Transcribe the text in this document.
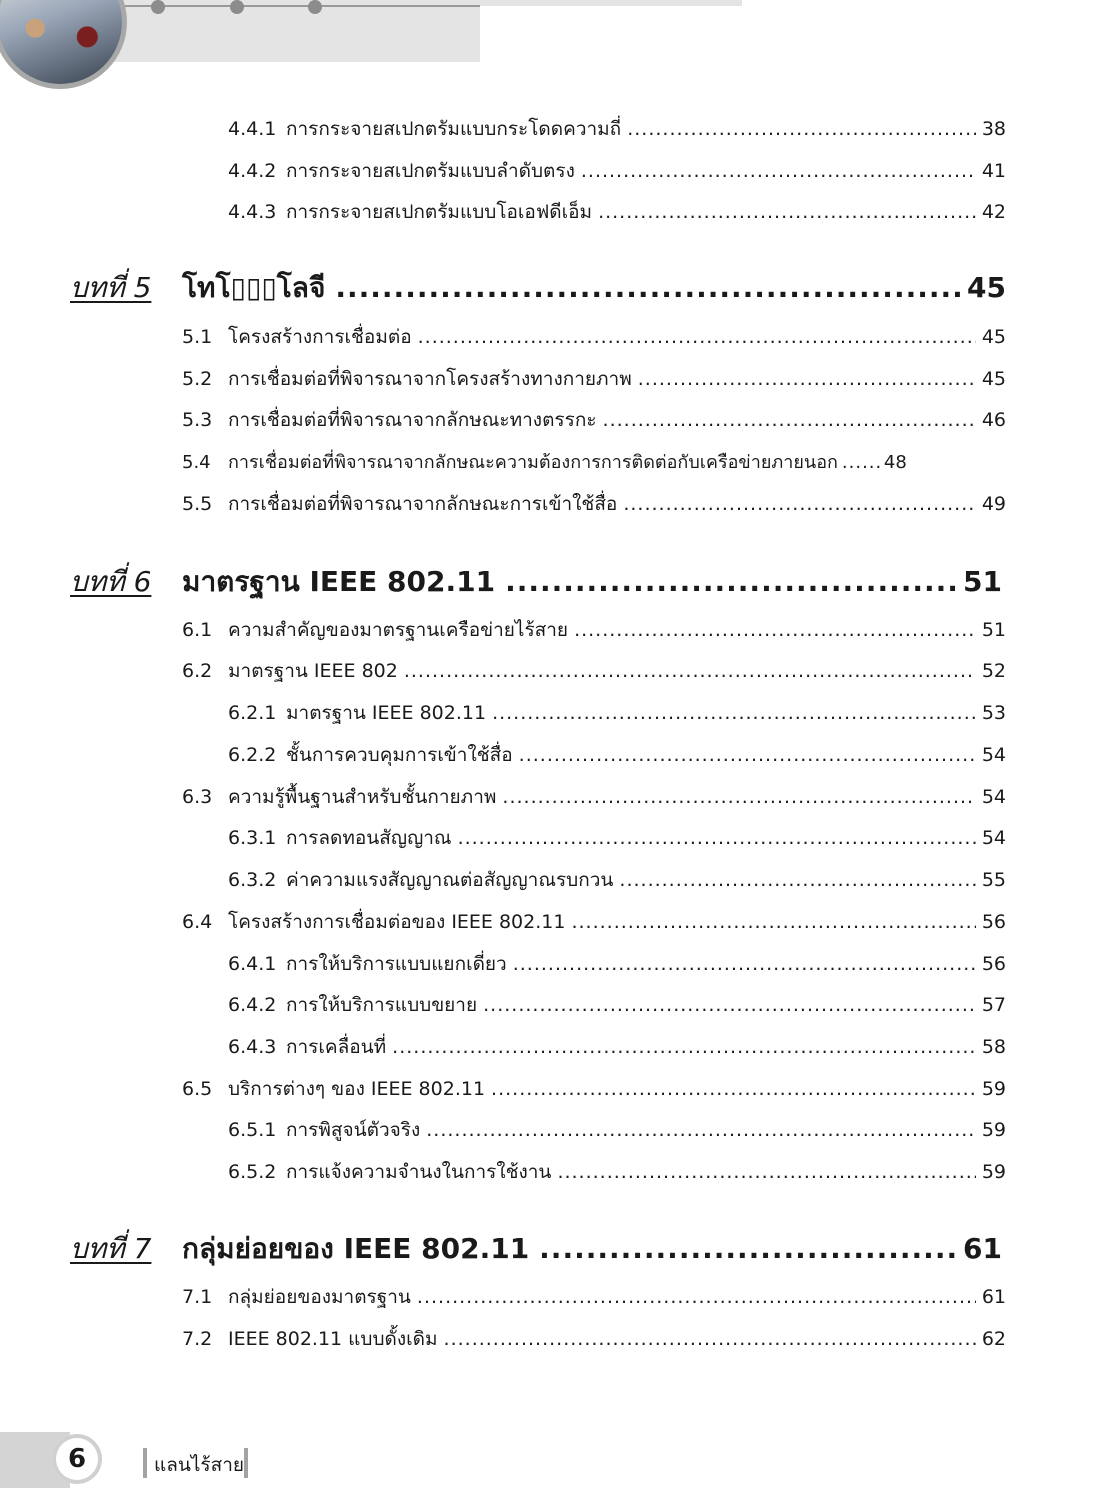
4.4.1 การกระจายสเปกตรัมแบบกระโดดความถี่ .....	38
4.4.2 การกระจายสเปกตรัมแบบลำดับตรง .....	41
4.4.3 การกระจายสเปกตรัมแบบโอเอฟดีเอ็ม .....	42
บทที่ 5 โทโ▯▯▯โลจี .....	45
5.1 โครงสร้างการเชื่อมต่อ .....	45
5.2 การเชื่อมต่อที่พิจารณาจากโครงสร้างทางกายภาพ .....	45
5.3 การเชื่อมต่อที่พิจารณาจากลักษณะทางตรรกะ .....	46
5.4 การเชื่อมต่อที่พิจารณาจากลักษณะความต้องการการติดต่อกับเครือข่ายภายนอก .....	48
5.5 การเชื่อมต่อที่พิจารณาจากลักษณะการเข้าใช้สื่อ .....	49
บทที่ 6 มาตรฐาน IEEE 802.11 .....	51
6.1 ความสำคัญของมาตรฐานเครือข่ายไร้สาย .....	51
6.2 มาตรฐาน IEEE 802 .....	52
6.2.1 มาตรฐาน IEEE 802.11 .....	53
6.2.2 ชั้นการควบคุมการเข้าใช้สื่อ .....	54
6.3 ความรู้พื้นฐานสำหรับชั้นกายภาพ .....	54
6.3.1 การลดทอนสัญญาณ .....	54
6.3.2 ค่าความแรงสัญญาณต่อสัญญาณรบกวน .....	55
6.4 โครงสร้างการเชื่อมต่อของ IEEE 802.11 .....	56
6.4.1 การให้บริการแบบแยกเดี่ยว .....	56
6.4.2 การให้บริการแบบขยาย .....	57
6.4.3 การเคลื่อนที่ .....	58
6.5 บริการต่างๆ ของ IEEE 802.11 .....	59
6.5.1 การพิสูจน์ตัวจริง .....	59
6.5.2 การแจ้งความจำนงในการใช้งาน .....	59
บทที่ 7 กลุ่มย่อยของ IEEE 802.11 .....	61
7.1 กลุ่มย่อยของมาตรฐาน .....	61
7.2 IEEE 802.11 แบบดั้งเดิม .....	62
6	แลนไร้สาย
